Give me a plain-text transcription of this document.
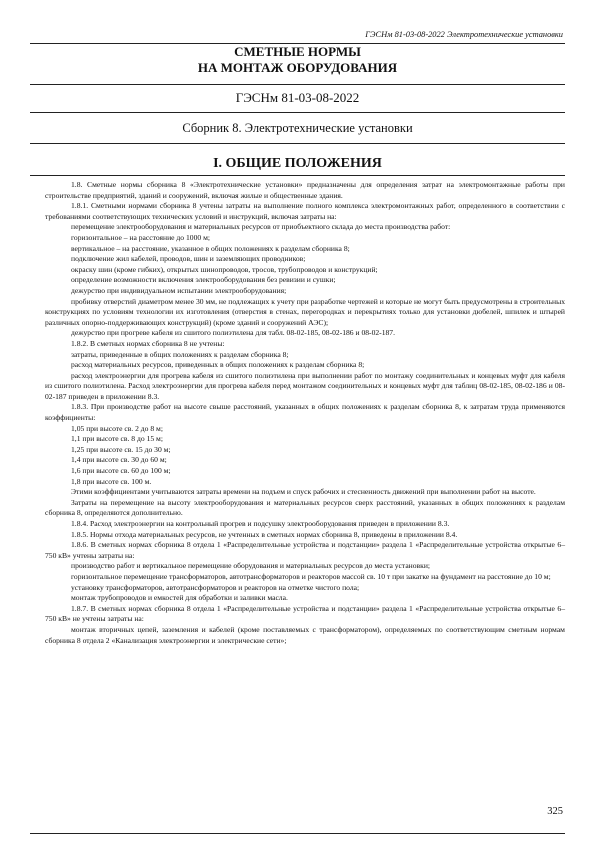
ГЭСНм 81-03-08-2022 Электротехнические установки
СМЕТНЫЕ НОРМЫ
НА МОНТАЖ ОБОРУДОВАНИЯ
ГЭСНм 81-03-08-2022
Сборник 8. Электротехнические установки
I. ОБЩИЕ ПОЛОЖЕНИЯ

1.8. Сметные нормы сборника 8 «Электротехнические установки» предназначены для определения затрат на электромонтажные работы при строительстве предприятий, зданий и сооружений, включая жилые и общественные здания.

1.8.1. Сметными нормами сборника 8 учтены затраты на выполнение полного комплекса электромонтажных работ, определенного в соответствии с требованиями соответствующих технических условий и инструкций, включая затраты на:

перемещение электрооборудования и материальных ресурсов от приобъектного склада до места производства работ:

горизонтальное – на расстояние до 1000 м;

вертикальное – на расстояние, указанное в общих положениях к разделам сборника 8;

подключение жил кабелей, проводов, шин и заземляющих проводников;

окраску шин (кроме гибких), открытых шинопроводов, тросов, трубопроводов и конструкций;

определение возможности включения электрооборудования без ревизии и сушки;

дежурство при индивидуальном испытании электрооборудования;

пробивку отверстий диаметром менее 30 мм, не подлежащих к учету при разработке чертежей и которые не могут быть предусмотрены в строительных конструкциях по условиям технологии их изготовления (отверстия в стенах, перегородках и перекрытиях только для установки дюбелей, шпилек и штырей различных опорно-поддерживающих конструкций) (кроме зданий и сооружений АЭС);

дежурство при прогреве кабеля из сшитого полиэтилена для табл. 08-02-185, 08-02-186 и 08-02-187.

1.8.2. В сметных нормах сборника 8 не учтены:

затраты, приведенные в общих положениях к разделам сборника 8;

расход материальных ресурсов, приведенных в общих положениях к разделам сборника 8;

расход электроэнергии для прогрева кабеля из сшитого полиэтилена при выполнении работ по монтажу соединительных и концевых муфт для кабеля из сшитого полиэтилена. Расход электроэнергии для прогрева кабеля перед монтажом соединительных и концевых муфт для таблиц 08-02-185, 08-02-186 и 08-02-187 приведен в приложении 8.3.

1.8.3. При производстве работ на высоте свыше расстояний, указанных в общих положениях к разделам сборника 8, к затратам труда применяются коэффициенты:

1,05 при высоте св. 2 до 8 м;

1,1 при высоте св. 8 до 15 м;

1,25 при высоте св. 15 до 30 м;

1,4 при высоте св. 30 до 60 м;

1,6 при высоте св. 60 до 100 м;

1,8 при высоте св. 100 м.

Этими коэффициентами учитываются затраты времени на подъем и спуск рабочих и стесненность движений при выполнении работ на высоте.

Затраты на перемещение на высоту электрооборудования и материальных ресурсов сверх расстояний, указанных в общих положениях к разделам сборника 8, определяются дополнительно.

1.8.4. Расход электроэнергии на контрольный прогрев и подсушку электрооборудования приведен в приложении 8.3.

1.8.5. Нормы отхода материальных ресурсов, не учтенных в сметных нормах сборника 8, приведены в приложении 8.4.

1.8.6. В сметных нормах сборника 8 отдела 1 «Распределительные устройства и подстанции» раздела 1 «Распределительные устройства открытые 6–750 кВ» учтены затраты на:

производство работ и вертикальное перемещение оборудования и материальных ресурсов до места установки;

горизонтальное перемещение трансформаторов, автотрансформаторов и реакторов массой св. 10 т при закатке на фундамент на расстояние до 10 м;

установку трансформаторов, автотрансформаторов и реакторов на отметке чистого пола;

монтаж трубопроводов и емкостей для обработки и заливки масла.

1.8.7. В сметных нормах сборника 8 отдела 1 «Распределительные устройства и подстанции» раздела 1 «Распределительные устройства открытые 6–750 кВ» не учтены затраты на:

монтаж вторичных цепей, заземления и кабелей (кроме поставляемых с трансформатором), определяемых по соответствующим сметным нормам сборника 8 отдела 2 «Канализация электроэнергии и электрические сети»;

325
